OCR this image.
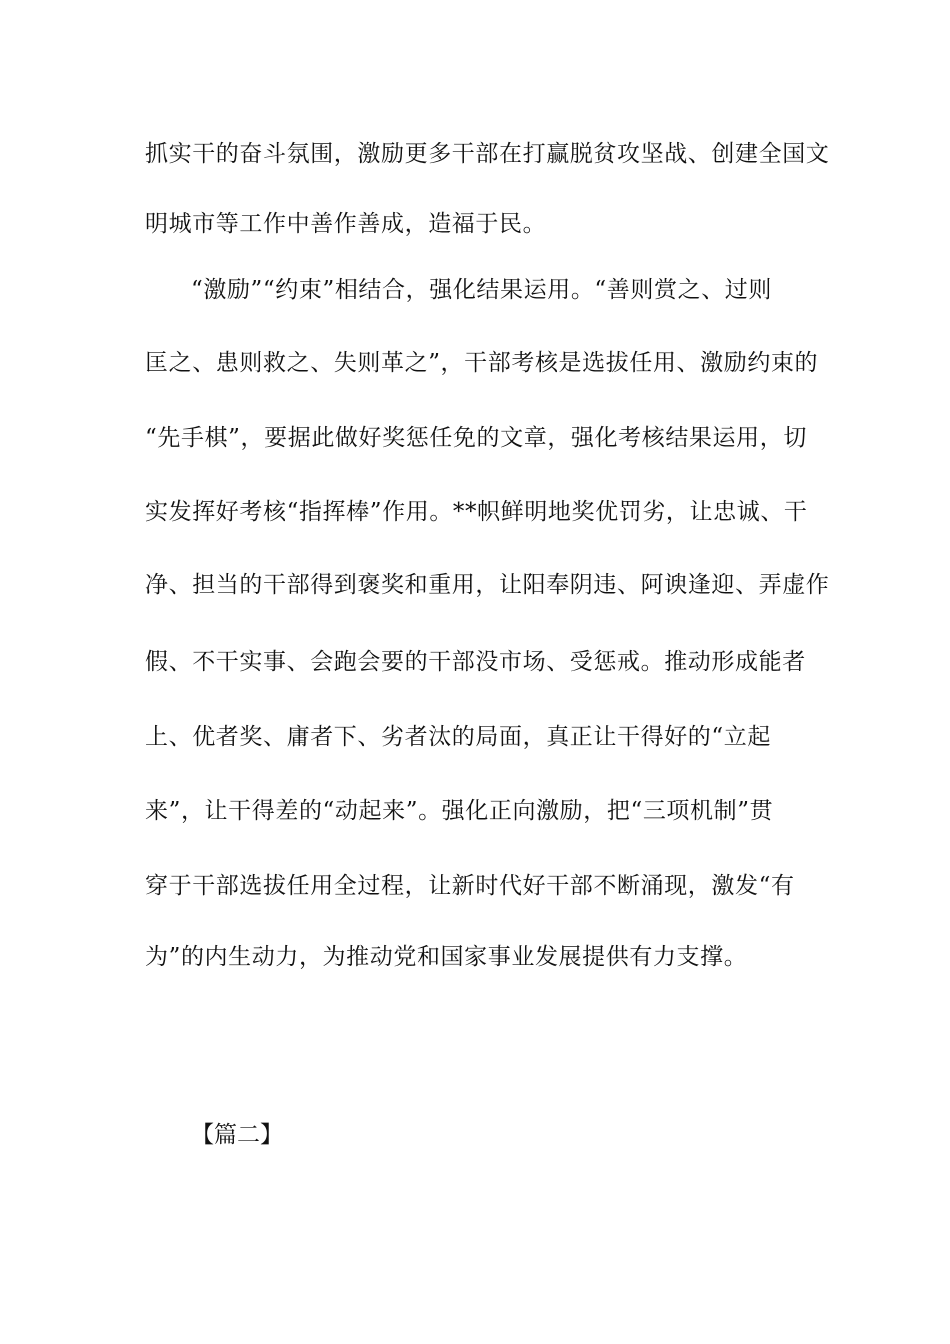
抓实干的奋斗氛围，激励更多干部在打赢脱贫攻坚战、创建全国文
明城市等工作中善作善成，造福于民。
“激励”“约束”相结合，强化结果运用。“善则赏之、过则
匡之、患则救之、失则革之”，干部考核是选拔任用、激励约束的
“先手棋”，要据此做好奖惩任免的文章，强化考核结果运用，切
实发挥好考核“指挥棒”作用。**帜鲜明地奖优罚劣，让忠诚、干
净、担当的干部得到褒奖和重用，让阳奉阴违、阿谀逢迎、弄虚作
假、不干实事、会跑会要的干部没市场、受惩戒。推动形成能者
上、优者奖、庸者下、劣者汰的局面，真正让干得好的“立起
来”，让干得差的“动起来”。强化正向激励，把“三项机制”贯
穿于干部选拔任用全过程，让新时代好干部不断涌现，激发“有
为”的内生动力，为推动党和国家事业发展提供有力支撑。
【篇二】
